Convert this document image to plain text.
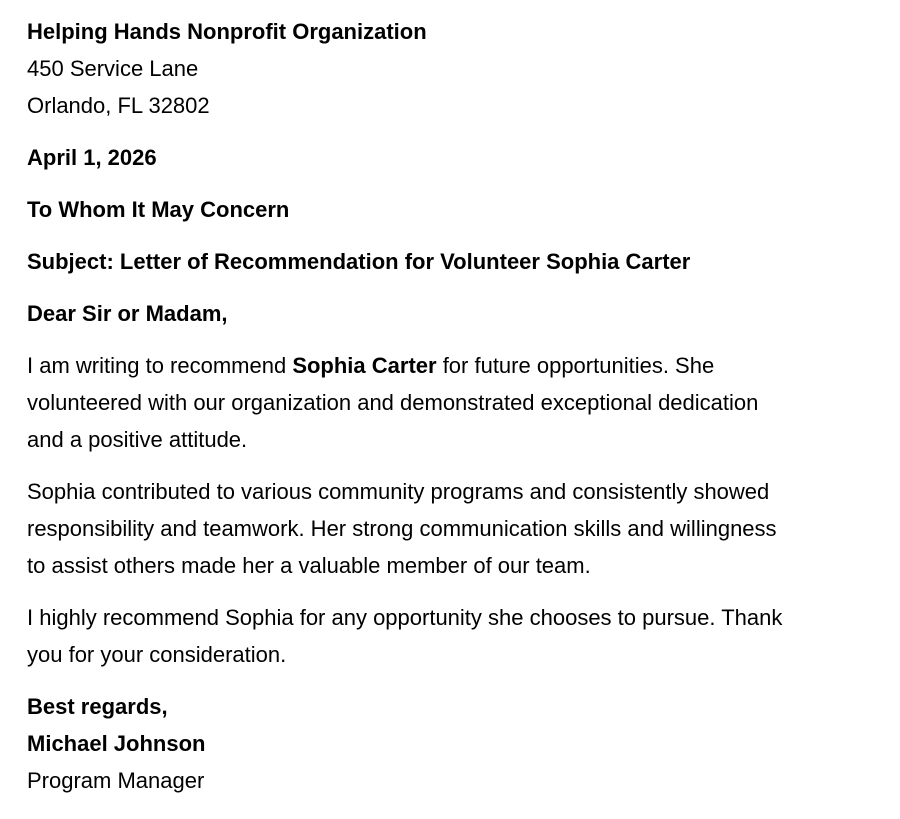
Helping Hands Nonprofit Organization
450 Service Lane
Orlando, FL 32802
April 1, 2026
To Whom It May Concern
Subject: Letter of Recommendation for Volunteer Sophia Carter
Dear Sir or Madam,
I am writing to recommend Sophia Carter for future opportunities. She
volunteered with our organization and demonstrated exceptional dedication
and a positive attitude.
Sophia contributed to various community programs and consistently showed
responsibility and teamwork. Her strong communication skills and willingness
to assist others made her a valuable member of our team.
I highly recommend Sophia for any opportunity she chooses to pursue. Thank
you for your consideration.
Best regards,
Michael Johnson
Program Manager
